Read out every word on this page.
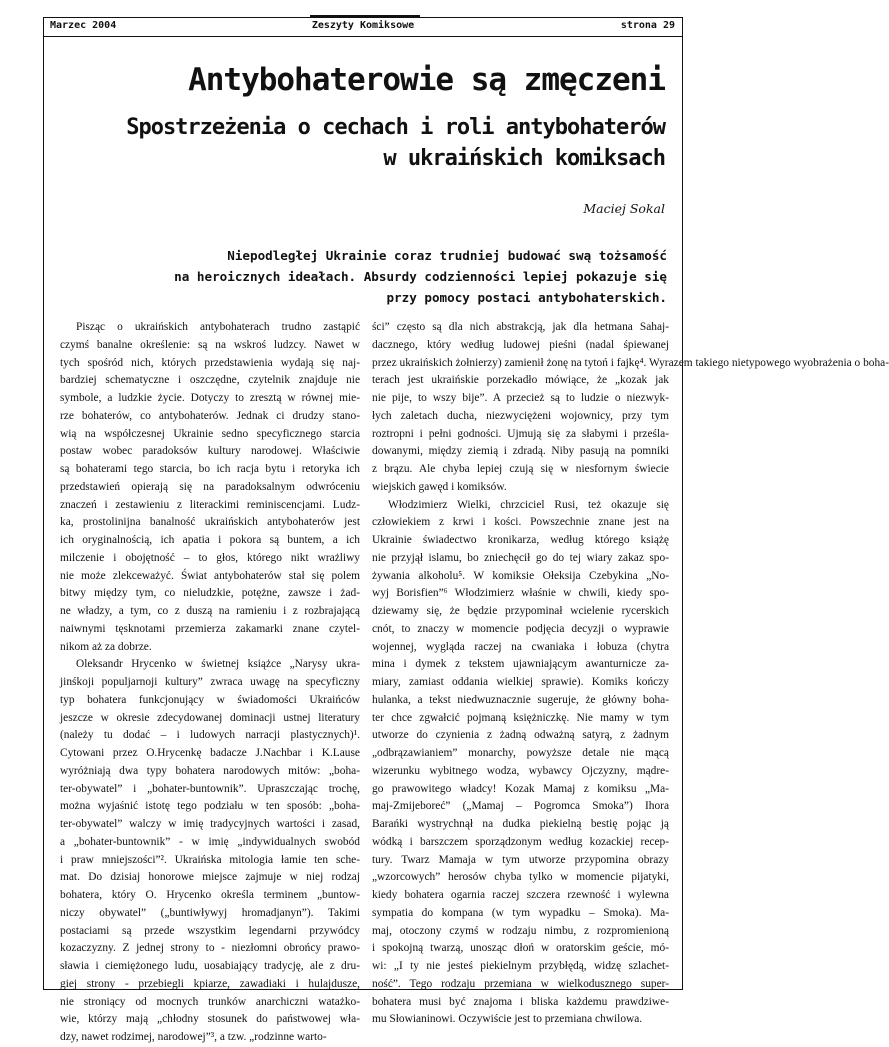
Marzec 2004	Zeszyty Komiksowe	strona 29
Antybohaterowie są zmęczeni
Spostrzeżenia o cechach i roli antybohaterów
w ukraińskich komiksach
Maciej Sokal
Niepodległej Ukrainie coraz trudniej budować swą tożsamość
na heroicznych ideałach. Absurdy codzienności lepiej pokazuje się
przy pomocy postaci antybohaterskich.
Pisząc o ukraińskich antybohaterach trudno zastąpić
czymś banalne określenie: są na wskroś ludzcy. Nawet w
tych spośród nich, których przedstawienia wydają się naj-
bardziej schematyczne i oszczędne, czytelnik znajduje nie
symbole, a ludzkie życie. Dotyczy to zresztą w równej mie-
rze bohaterów, co antybohaterów. Jednak ci drudzy stano-
wią na współczesnej Ukrainie sedno specyficznego starcia
postaw wobec paradoksów kultury narodowej. Właściwie
są bohaterami tego starcia, bo ich racja bytu i retoryka ich
przedstawień opierają się na paradoksalnym odwróceniu
znaczeń i zestawieniu z literackimi reminiscencjami. Ludz-
ka, prostolinijna banalność ukraińskich antybohaterów jest
ich oryginalnością, ich apatia i pokora są buntem, a ich
milczenie i obojętność – to głos, którego nikt wrażliwy
nie może zlekceważyć. Świat antybohaterów stał się polem
bitwy między tym, co nieludzkie, potężne, zawsze i żad-
ne władzy, a tym, co z duszą na ramieniu i z rozbrajającą
naiwnymi tęsknotami przemierza zakamarki znane czytel-
nikom aż za dobrze.
Oleksandr Hrycenko w świetnej książce „Narysy ukra-
jinśkoji populjarnoji kultury” zwraca uwagę na specyficzny
typ bohatera funkcjonujący w świadomości Ukraińców
jeszcze w okresie zdecydowanej dominacji ustnej literatury
(należy tu dodać – i ludowych narracji plastycznych)¹.
Cytowani przez O.Hrycenkę badacze J.Nachbar i K.Lause
wyróżniają dwa typy bohatera narodowych mitów: „boha-
ter-obywatel” i „bohater-buntownik”. Upraszczając trochę,
można wyjaśnić istotę tego podziału w ten sposób: „boha-
ter-obywatel” walczy w imię tradycyjnych wartości i zasad,
a „bohater-buntownik” - w imię „indywidualnych swobód
i praw mniejszości”². Ukraińska mitologia łamie ten sche-
mat. Do dzisiaj honorowe miejsce zajmuje w niej rodzaj
bohatera, który O. Hrycenko określa terminem „buntow-
niczy obywatel” („buntiwływyj hromadjanyn”). Takimi
postaciami są przede wszystkim legendarni przywódcy
kozaczyzny. Z jednej strony to - niezłomni obrońcy prawo-
sławia i ciemiężonego ludu, uosabiający tradycję, ale z dru-
giej strony - przebiegli kpiarze, zawadiaki i hulajdusze,
nie stroniący od mocnych trunków anarchiczni watażko-
wie, którzy mają „chłodny stosunek do państwowej wła-
dzy, nawet rodzimej, narodowej”³, a tzw. „rodzinne warto-
ści” często są dla nich abstrakcją, jak dla hetmana Sahaj-
dacznego, który według ludowej pieśni (nadal śpiewanej
przez ukraińskich żołnierzy) zamienił żonę na tytoń i fajkę⁴. Wyrazem takiego nietypowego wyobrażenia o boha-
terach jest ukraińskie porzekadło mówiące, że „kozak jak
nie pije, to wszy bije”. A przecież są to ludzie o niezwyk-
łych zaletach ducha, niezwyciężeni wojownicy, przy tym
roztropni i pełni godności. Ujmują się za słabymi i prześla-
dowanymi, między ziemią i zdradą. Niby pasują na pomniki
z brązu. Ale chyba lepiej czują się w niesfornym świecie
wiejskich gawęd i komiksów.
Włodzimierz Wielki, chrzciciel Rusi, też okazuje się
człowiekiem z krwi i kości. Powszechnie znane jest na
Ukrainie świadectwo kronikarza, według którego książę
nie przyjął islamu, bo zniechęcił go do tej wiary zakaz spo-
żywania alkoholu⁵. W komiksie Ołeksija Czebykina „No-
wyj Borisfien”⁶ Włodzimierz właśnie w chwili, kiedy spo-
dziewamy się, że będzie przypominał wcielenie rycerskich
cnót, to znaczy w momencie podjęcia decyzji o wyprawie
wojennej, wygląda raczej na cwaniaka i łobuza (chytra
mina i dymek z tekstem ujawniającym awanturnicze za-
miary, zamiast oddania wielkiej sprawie). Komiks kończy
hulanka, a tekst niedwuznacznie sugeruje, że główny boha-
ter chce zgwałcić pojmaną księżniczkę. Nie mamy w tym
utworze do czynienia z żadną odważną satyrą, z żadnym
„odbrązawianiem” monarchy, powyższe detale nie mącą
wizerunku wybitnego wodza, wybawcy Ojczyzny, mądre-
go prawowitego władcy! Kozak Mamaj z komiksu „Ma-
maj-Zmijeboreć” („Mamaj – Pogromca Smoka”) Ihora
Barańki wystrychnął na dudka piekielną bestię pojąc ją
wódką i barszczem sporządzonym według kozackiej recep-
tury. Twarz Mamaja w tym utworze przypomina obrazy
„wzorcowych” herosów chyba tylko w momencie pijatyki,
kiedy bohatera ogarnia raczej szczera rzewność i wylewna
sympatia do kompana (w tym wypadku – Smoka). Ma-
maj, otoczony czymś w rodzaju nimbu, z rozpromienioną
i spokojną twarzą, unosząc dłoń w oratorskim geście, mó-
wi: „I ty nie jesteś piekielnym przybłędą, widzę szlachet-
ność”. Tego rodzaju przemiana w wielkodusznego super-
bohatera musi być znajoma i bliska każdemu prawdziwe-
mu Słowianinowi. Oczywiście jest to przemiana chwilowa.
